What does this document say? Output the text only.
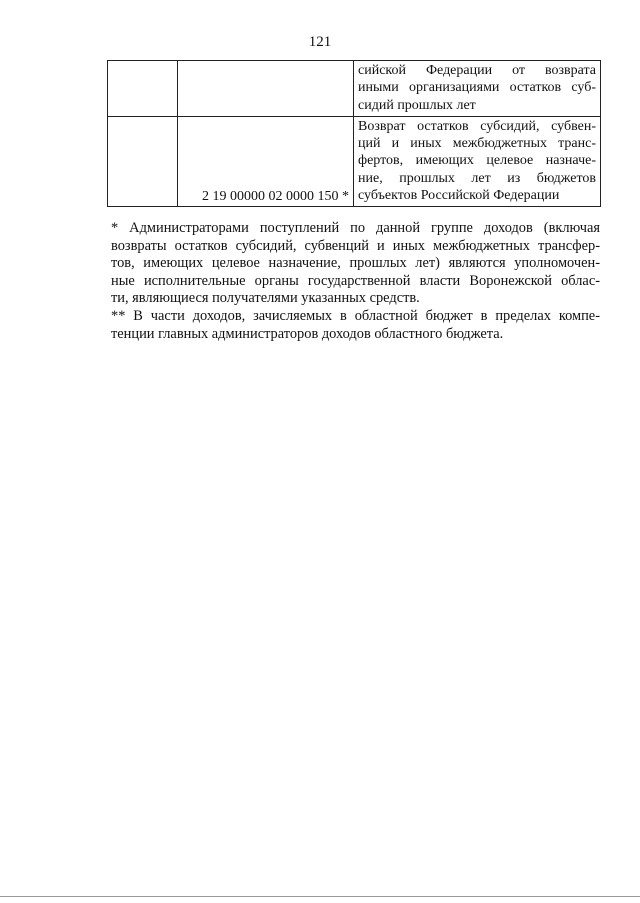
121

		сийской Федерации от возврата
иными организациями остатков суб-
сидий прошлых лет

	2 19 00000 02 0000 150 *	Возврат остатков субсидий, субвен-
ций и иных межбюджетных транс-
фертов, имеющих целевое назначе-
ние, прошлых лет из бюджетов
субъектов Российской Федерации
* Администраторами поступлений по данной группе доходов (включая
возвраты остатков субсидий, субвенций и иных межбюджетных трансфер-
тов, имеющих целевое назначение, прошлых лет) являются уполномочен-
ные исполнительные органы государственной власти Воронежской облас-
ти, являющиеся получателями указанных средств.
** В части доходов, зачисляемых в областной бюджет в пределах компе-
тенции главных администраторов доходов областного бюджета.
